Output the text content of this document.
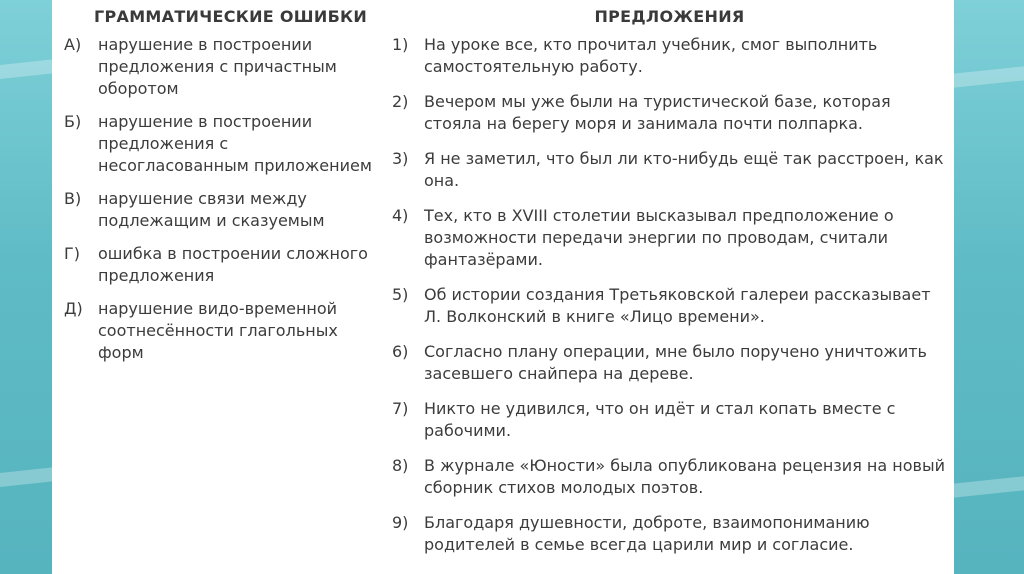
ГРАММАТИЧЕСКИЕ ОШИБКИ
А)	нарушение в построении предложения с причастным оборотом
Б)	нарушение в построении предложения с несогласованным приложением
В)	нарушение связи между подлежащим и сказуемым
Г)	ошибка в построении сложного предложения
Д) нарушение видо-временной соотнесённости глагольных форм
ПРЕДЛОЖЕНИЯ
1) На уроке все, кто прочитал учебник, смог выполнить самостоятельную работу.
2) Вечером мы уже были на туристической базе, которая стояла на берегу моря и занимала почти полпарка.
3) Я не заметил, что был ли кто-нибудь ещё так расстроен, как она.
4) Тех, кто в XVIII столетии высказывал предположение о возможности передачи энергии по проводам, считали фантазёрами.
5) Об истории создания Третьяковской галереи рассказывает Л. Волконский в книге «Лицо времени».
6) Согласно плану операции, мне было поручено уничтожить засевшего снайпера на дереве.
7) Никто не удивился, что он идёт и стал копать вместе с рабочими.
8) В журнале «Юности» была опубликована рецензия на новый сборник стихов молодых поэтов.
9) Благодаря душевности, доброте, взаимопониманию родителей в семье всегда царили мир и согласие.
